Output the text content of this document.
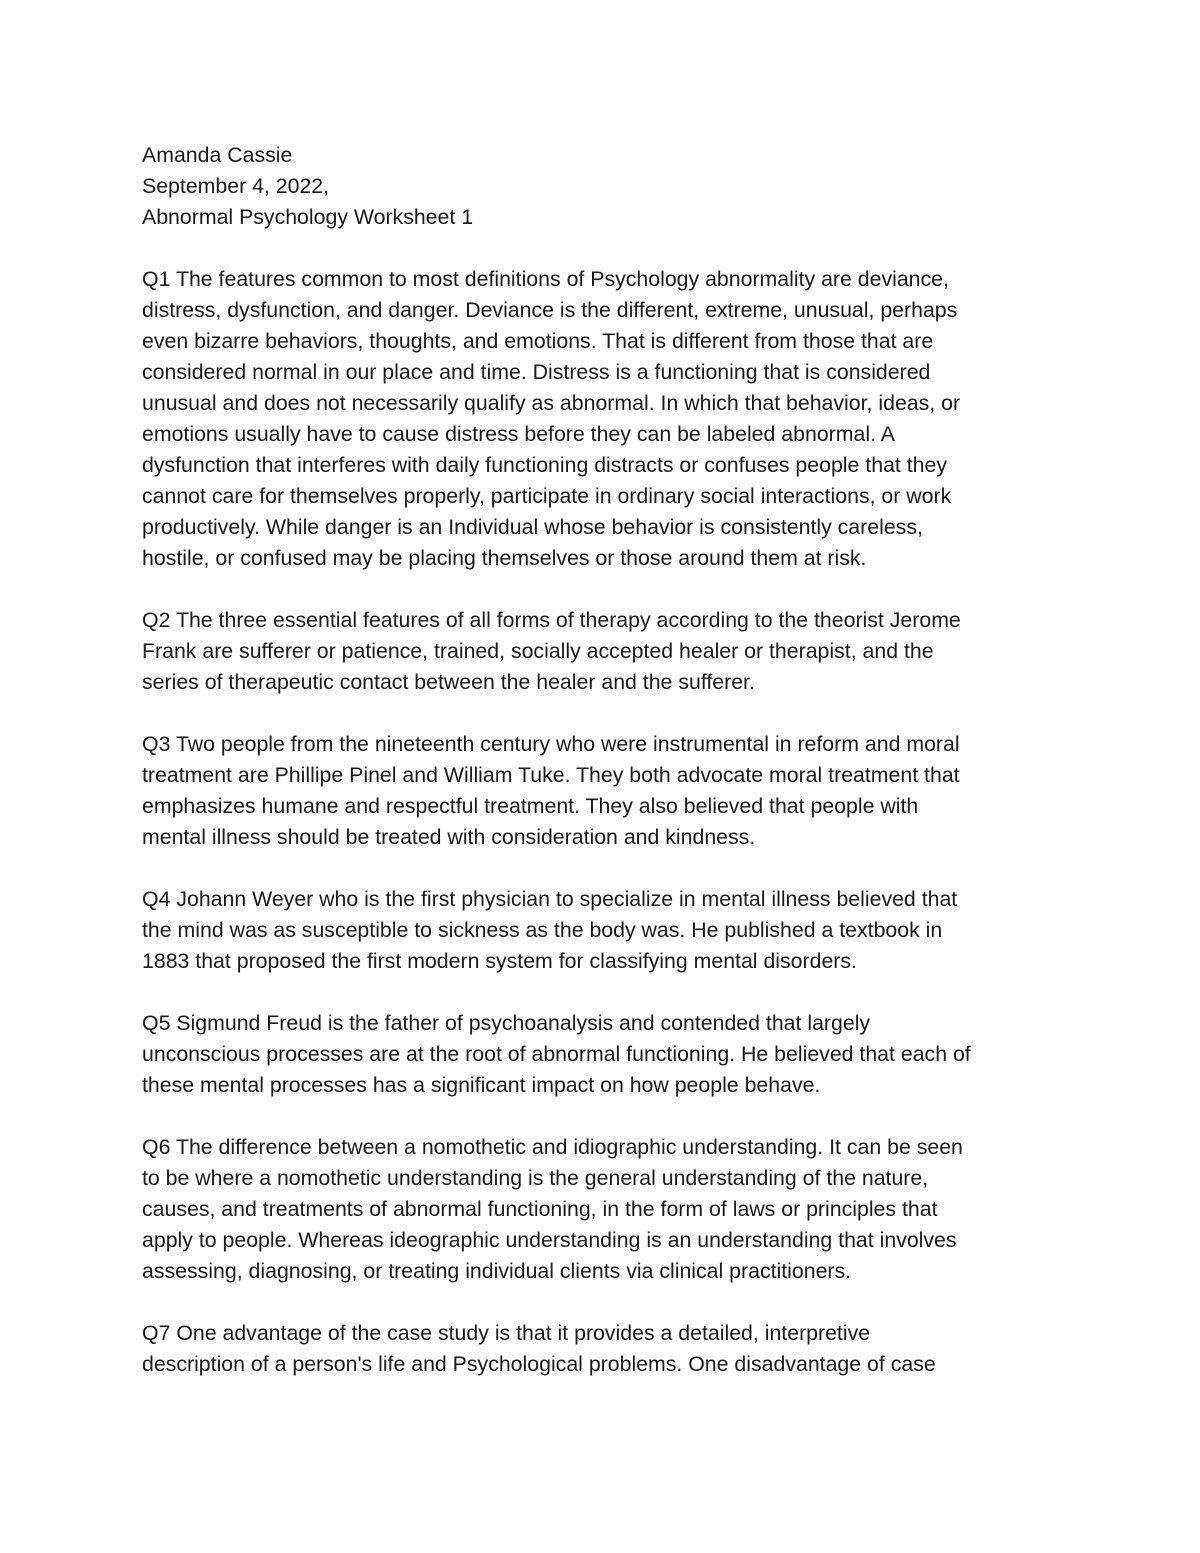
Amanda Cassie
September 4, 2022,
Abnormal Psychology Worksheet 1

Q1 The features common to most definitions of Psychology abnormality are deviance,
distress, dysfunction, and danger. Deviance is the different, extreme, unusual, perhaps
even bizarre behaviors, thoughts, and emotions. That is different from those that are
considered normal in our place and time. Distress is a functioning that is considered
unusual and does not necessarily qualify as abnormal. In which that behavior, ideas, or
emotions usually have to cause distress before they can be labeled abnormal. A
dysfunction that interferes with daily functioning distracts or confuses people that they
cannot care for themselves properly, participate in ordinary social interactions, or work
productively. While danger is an Individual whose behavior is consistently careless,
hostile, or confused may be placing themselves or those around them at risk.

Q2 The three essential features of all forms of therapy according to the theorist Jerome
Frank are sufferer or patience, trained, socially accepted healer or therapist, and the
series of therapeutic contact between the healer and the sufferer.

Q3 Two people from the nineteenth century who were instrumental in reform and moral
treatment are Phillipe Pinel and William Tuke. They both advocate moral treatment that
emphasizes humane and respectful treatment. They also believed that people with
mental illness should be treated with consideration and kindness.

Q4 Johann Weyer who is the first physician to specialize in mental illness believed that
the mind was as susceptible to sickness as the body was. He published a textbook in
1883 that proposed the first modern system for classifying mental disorders.

Q5 Sigmund Freud is the father of psychoanalysis and contended that largely
unconscious processes are at the root of abnormal functioning. He believed that each of
these mental processes has a significant impact on how people behave.

Q6 The difference between a nomothetic and idiographic understanding. It can be seen
to be where a nomothetic understanding is the general understanding of the nature,
causes, and treatments of abnormal functioning, in the form of laws or principles that
apply to people. Whereas ideographic understanding is an understanding that involves
assessing, diagnosing, or treating individual clients via clinical practitioners.

Q7 One advantage of the case study is that it provides a detailed, interpretive
description of a person's life and Psychological problems. One disadvantage of case
